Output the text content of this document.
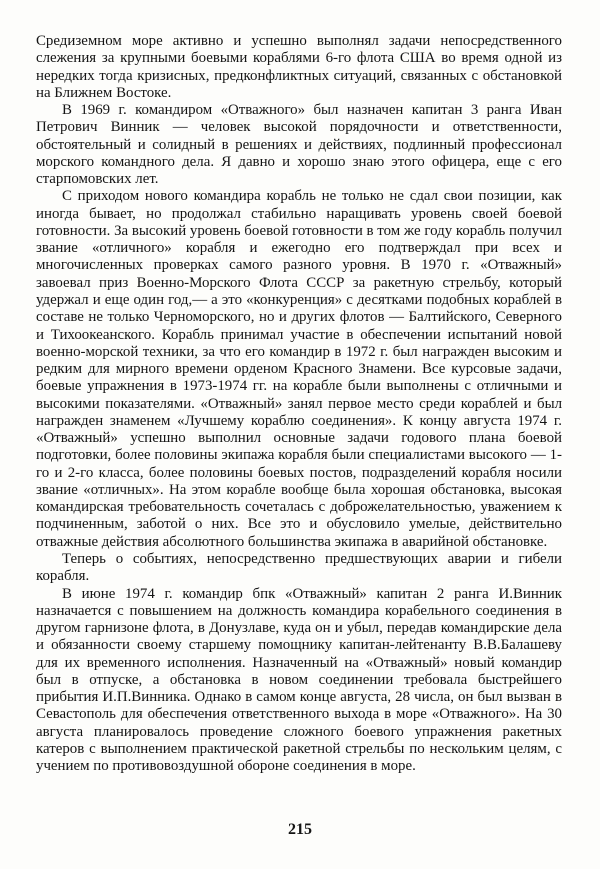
Средиземном море активно и успешно выполнял задачи непосредственного слежения за крупными боевыми кораблями 6-го флота США во время одной из нередких тогда кризисных, предконфликтных ситуаций, связанных с обстановкой на Ближнем Востоке.

В 1969 г. командиром «Отважного» был назначен капитан 3 ранга Иван Петрович Винник — человек высокой порядочности и ответственности, обстоятельный и солидный в решениях и действиях, подлинный профессионал морского командного дела. Я давно и хорошо знаю этого офицера, еще с его старпомовских лет.

С приходом нового командира корабль не только не сдал свои позиции, как иногда бывает, но продолжал стабильно наращивать уровень своей боевой готовности. За высокий уровень боевой готовности в том же году корабль получил звание «отличного» корабля и ежегодно его подтверждал при всех и многочисленных проверках самого разного уровня. В 1970 г. «Отважный» завоевал приз Военно-Морского Флота СССР за ракетную стрельбу, который удержал и еще один год,— а это «конкуренция» с десятками подобных кораблей в составе не только Черноморского, но и других флотов — Балтийского, Северного и Тихоокеанского. Корабль принимал участие в обеспечении испытаний новой военно-морской техники, за что его командир в 1972 г. был награжден высоким и редким для мирного времени орденом Красного Знамени. Все курсовые задачи, боевые упражнения в 1973-1974 гг. на корабле были выполнены с отличными и высокими показателями. «Отважный» занял первое место среди кораблей и был награжден знаменем «Лучшему кораблю соединения». К концу августа 1974 г. «Отважный» успешно выполнил основные задачи годового плана боевой подготовки, более половины экипажа корабля были специалистами высокого — 1-го и 2-го класса, более половины боевых постов, подразделений корабля носили звание «отличных». На этом корабле вообще была хорошая обстановка, высокая командирская требовательность сочеталась с доброжелательностью, уважением к подчиненным, заботой о них. Все это и обусловило умелые, действительно отважные действия абсолютного большинства экипажа в аварийной обстановке.

Теперь о событиях, непосредственно предшествующих аварии и гибели корабля.

В июне 1974 г. командир бпк «Отважный» капитан 2 ранга И.Винник назначается с повышением на должность командира корабельного соединения в другом гарнизоне флота, в Донузлаве, куда он и убыл, передав командирские дела и обязанности своему старшему помощнику капитан-лейтенанту В.В.Балашеву для их временного исполнения. Назначенный на «Отважный» новый командир был в отпуске, а обстановка в новом соединении требовала быстрейшего прибытия И.П.Винника. Однако в самом конце августа, 28 числа, он был вызван в Севастополь для обеспечения ответственного выхода в море «Отважного». На 30 августа планировалось проведение сложного боевого упражнения ракетных катеров с выполнением практической ракетной стрельбы по нескольким целям, с учением по противовоздушной обороне соединения в море.

215
